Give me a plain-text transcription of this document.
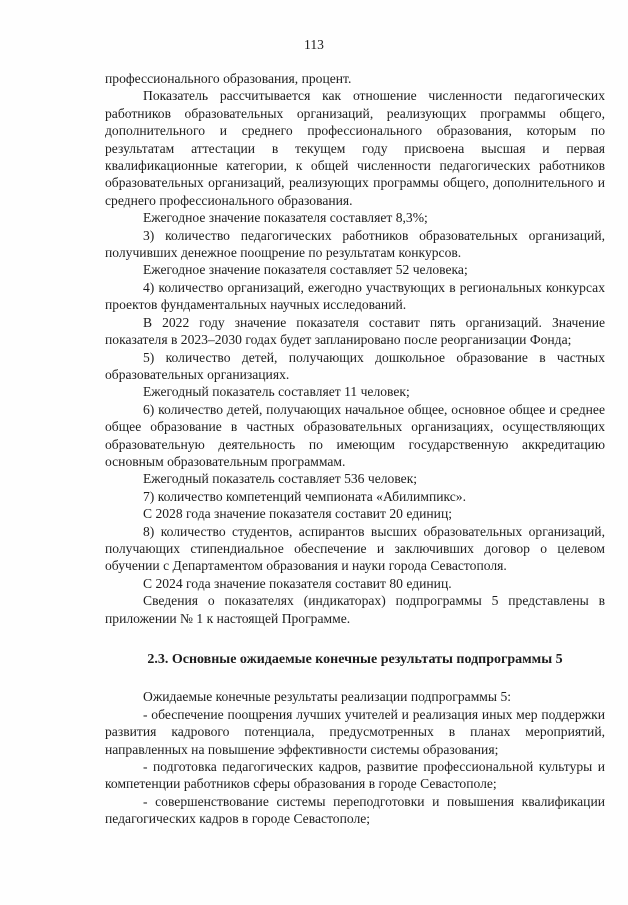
113

профессионального образования, процент.

Показатель рассчитывается как отношение численности педагогических работников образовательных организаций, реализующих программы общего, дополнительного и среднего профессионального образования, которым по результатам аттестации в текущем году присвоена высшая и первая квалификационные категории, к общей численности педагогических работников образовательных организаций, реализующих программы общего, дополнительного и среднего профессионального образования.

Ежегодное значение показателя составляет 8,3%;

3) количество педагогических работников образовательных организаций, получивших денежное поощрение по результатам конкурсов.

Ежегодное значение показателя составляет 52 человека;

4) количество организаций, ежегодно участвующих в региональных конкурсах проектов фундаментальных научных исследований.

В 2022 году значение показателя составит пять организаций. Значение показателя в 2023–2030 годах будет запланировано после реорганизации Фонда;

5) количество детей, получающих дошкольное образование в частных образовательных организациях.

Ежегодный показатель составляет 11 человек;

6) количество детей, получающих начальное общее, основное общее и среднее общее образование в частных образовательных организациях, осуществляющих образовательную деятельность по имеющим государственную аккредитацию основным образовательным программам.

Ежегодный показатель составляет 536 человек;

7) количество компетенций чемпионата «Абилимпикс».

С 2028 года значение показателя составит 20 единиц;

8) количество студентов, аспирантов высших образовательных организаций, получающих стипендиальное обеспечение и заключивших договор о целевом обучении с Департаментом образования и науки города Севастополя.

С 2024 года значение показателя составит 80 единиц.

Сведения о показателях (индикаторах) подпрограммы 5 представлены в приложении № 1 к настоящей Программе.

2.3. Основные ожидаемые конечные результаты подпрограммы 5

Ожидаемые конечные результаты реализации подпрограммы 5:

- обеспечение поощрения лучших учителей и реализация иных мер поддержки развития кадрового потенциала, предусмотренных в планах мероприятий, направленных на повышение эффективности системы образования;

- подготовка педагогических кадров, развитие профессиональной культуры и компетенции работников сферы образования в городе Севастополе;

- совершенствование системы переподготовки и повышения квалификации педагогических кадров в городе Севастополе;
